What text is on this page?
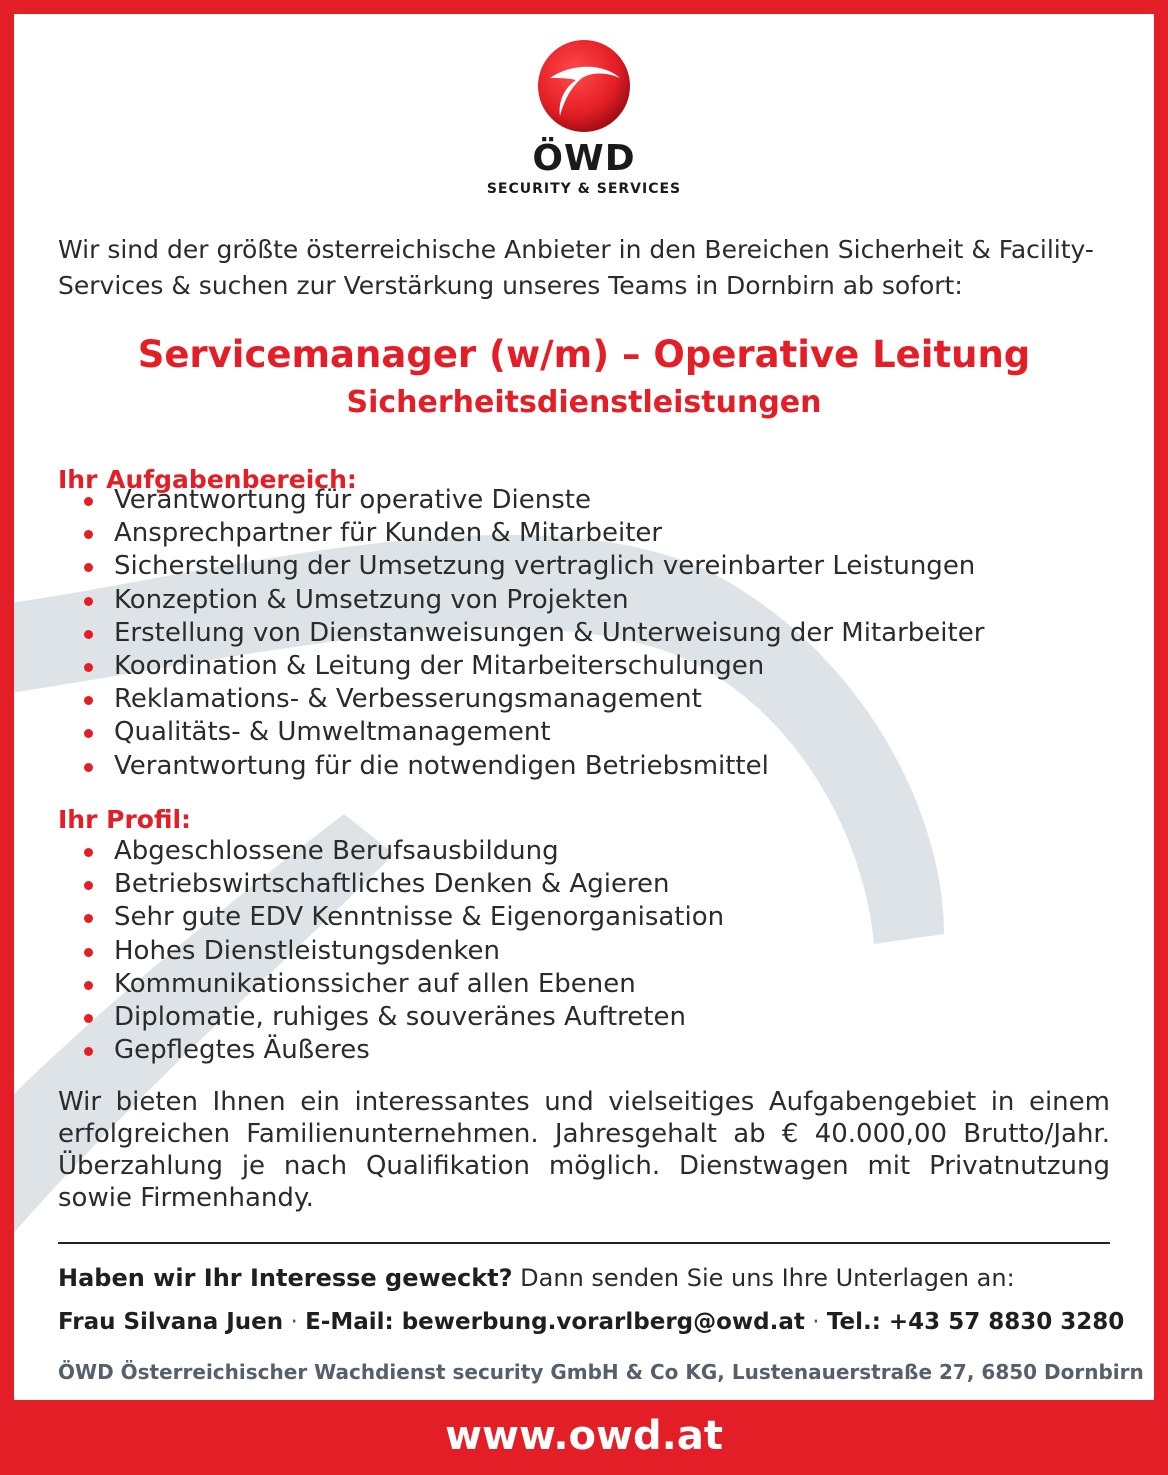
ÖWD
SECURITY & SERVICES

Wir sind der größte österreichische Anbieter in den Bereichen Sicherheit & Facility-Services & suchen zur Verstärkung unseres Teams in Dornbirn ab sofort:

Servicemanager (w/m) – Operative Leitung
Sicherheitsdienstleistungen
Ihr Aufgabenbereich:
Verantwortung für operative Dienste
Ansprechpartner für Kunden & Mitarbeiter
Sicherstellung der Umsetzung vertraglich vereinbarter Leistungen
Konzeption & Umsetzung von Projekten
Erstellung von Dienstanweisungen & Unterweisung der Mitarbeiter
Koordination & Leitung der Mitarbeiterschulungen
Reklamations- & Verbesserungsmanagement
Qualitäts- & Umweltmanagement
Verantwortung für die notwendigen Betriebsmittel
Ihr Profil:
Abgeschlossene Berufsausbildung
Betriebswirtschaftliches Denken & Agieren
Sehr gute EDV Kenntnisse & Eigenorganisation
Hohes Dienstleistungsdenken
Kommunikationssicher auf allen Ebenen
Diplomatie, ruhiges & souveränes Auftreten
Gepflegtes Äußeres

Wir bieten Ihnen ein interessantes und vielseitiges Aufgabengebiet in einem erfolgreichen Familienunternehmen. Jahresgehalt ab € 40.000,00 Brutto/Jahr. Überzahlung je nach Qualifikation möglich. Dienstwagen mit Privatnutzung sowie Firmenhandy.

Haben wir Ihr Interesse geweckt? Dann senden Sie uns Ihre Unterlagen an:
Frau Silvana Juen · E-Mail: bewerbung.vorarlberg@owd.at · Tel.: +43 57 8830 3280
ÖWD Österreichischer Wachdienst security GmbH & Co KG, Lustenauerstraße 27, 6850 Dornbirn
www.owd.at
